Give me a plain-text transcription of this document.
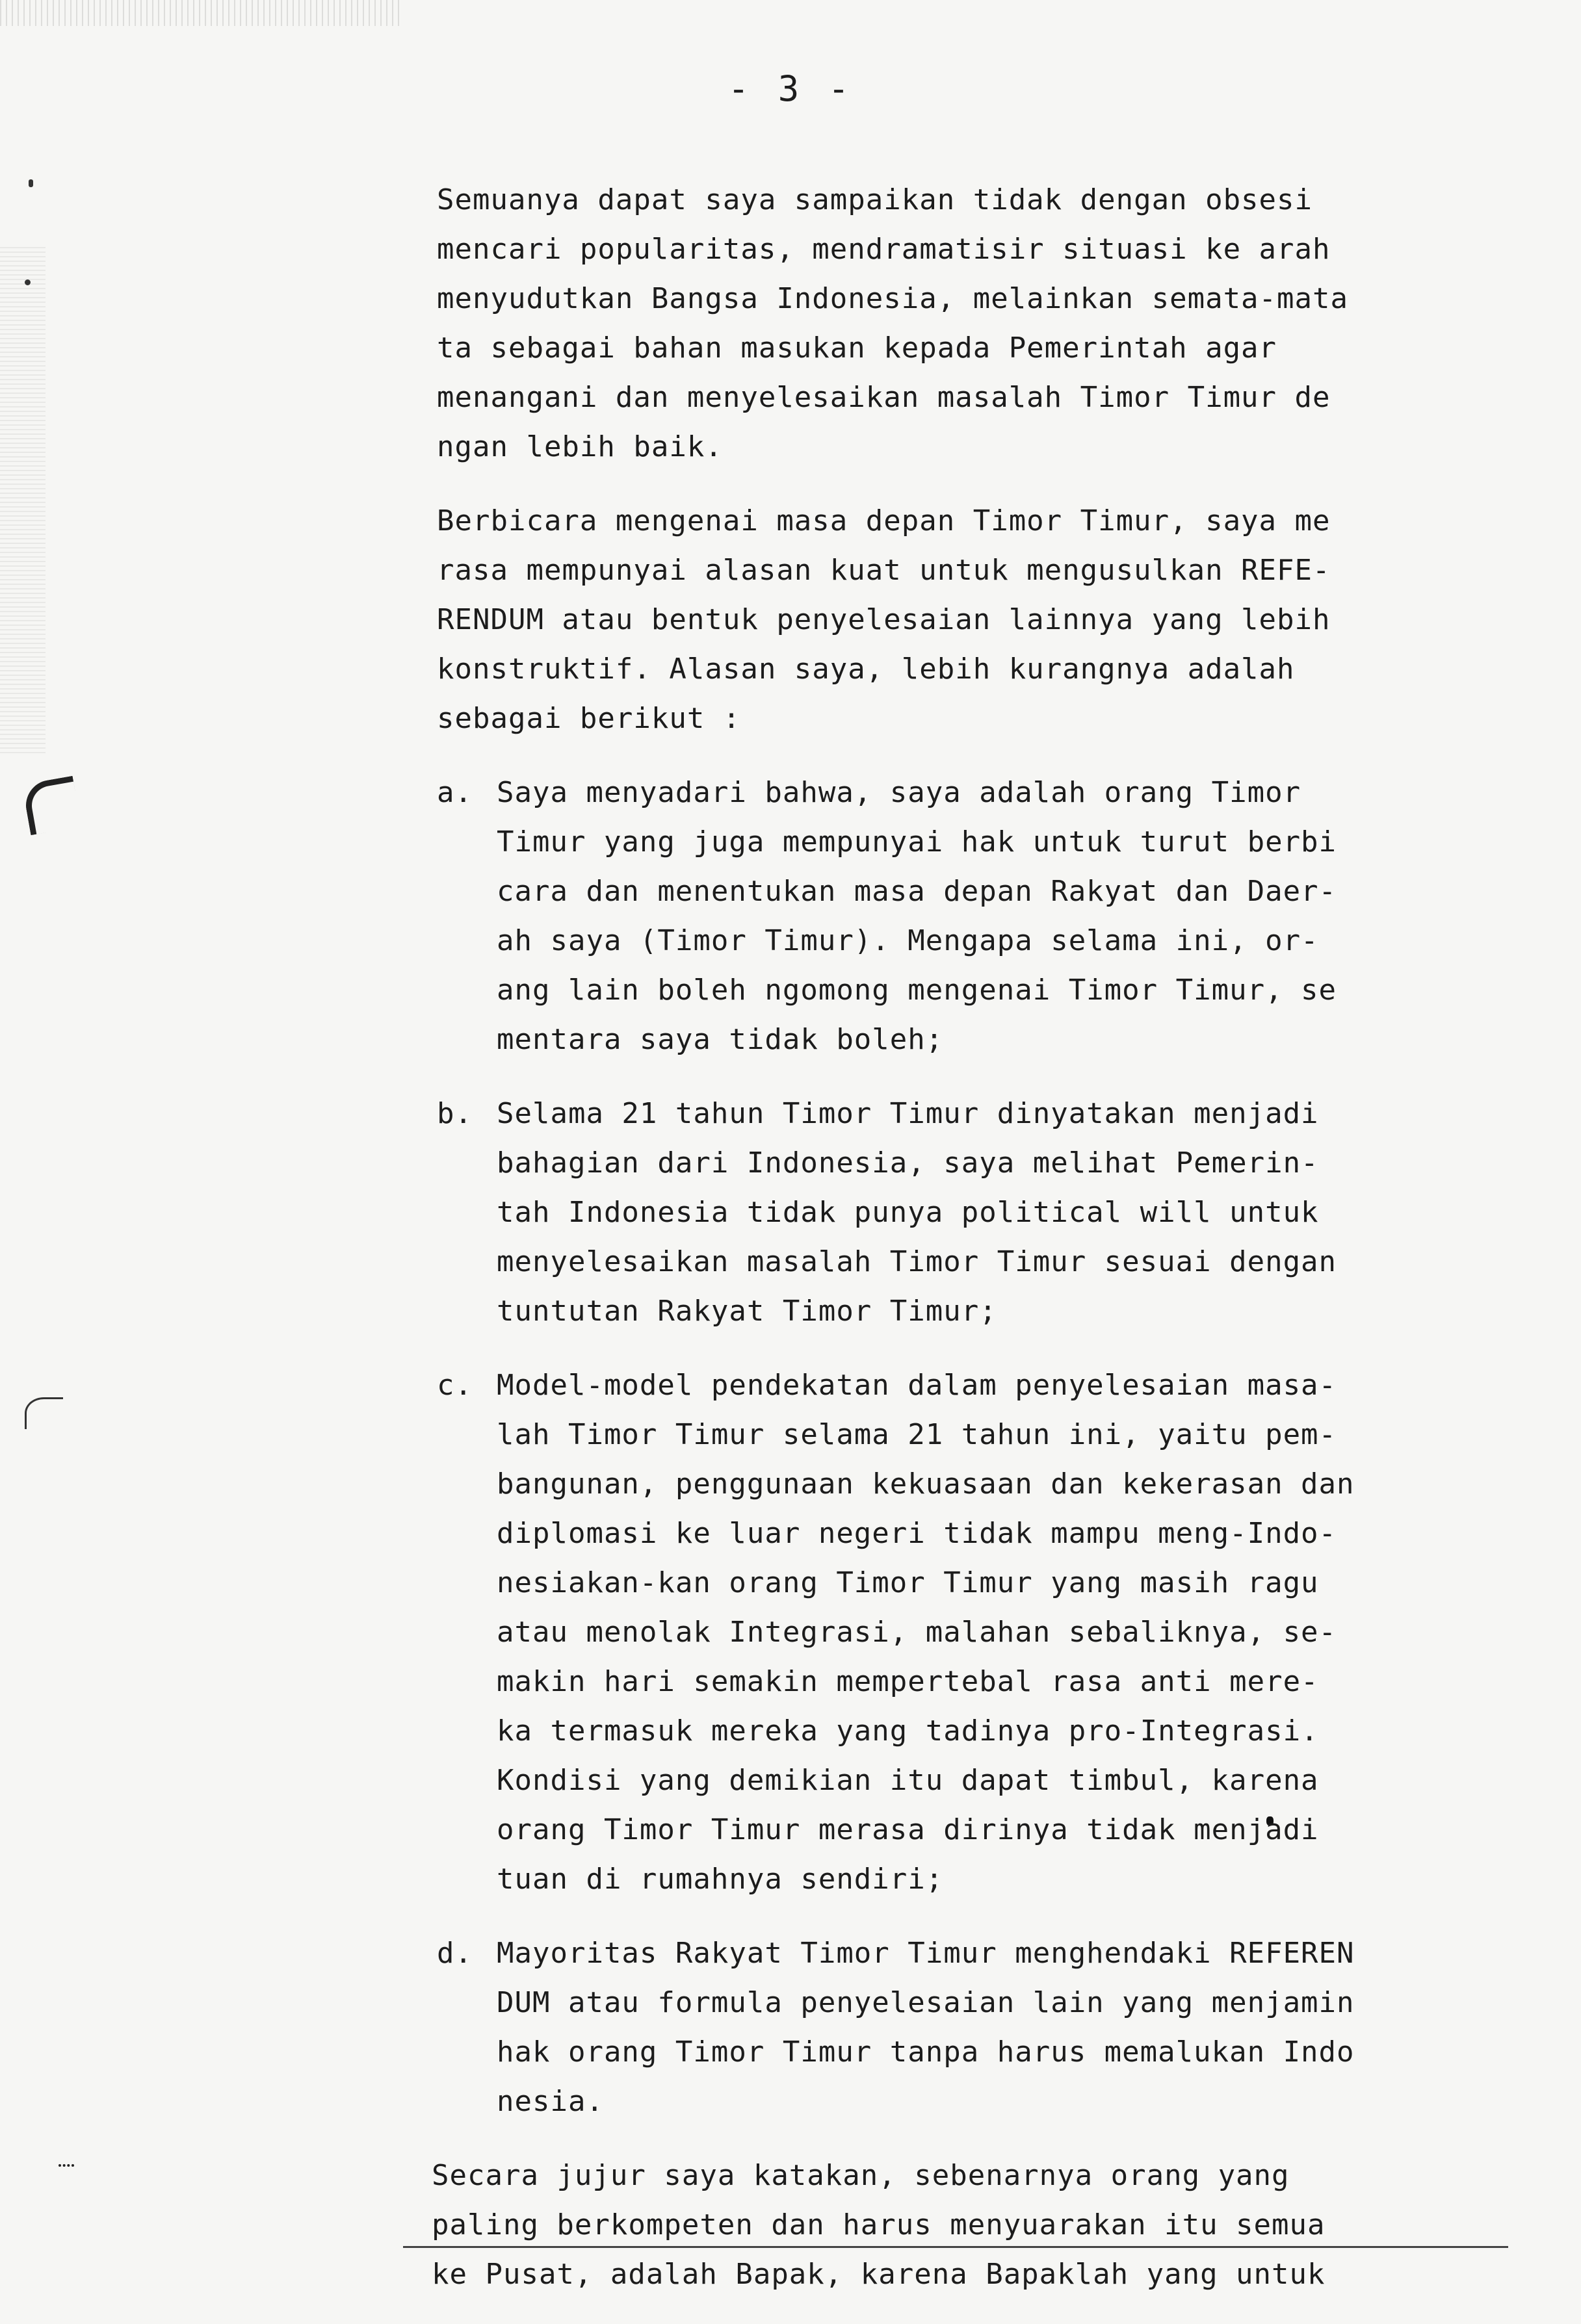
- 3 -
Semuanya dapat saya sampaikan tidak dengan obsesi
mencari popularitas, mendramatisir situasi ke arah
menyudutkan Bangsa Indonesia, melainkan semata-mata
ta sebagai bahan masukan kepada Pemerintah agar
menangani dan menyelesaikan masalah Timor Timur de
ngan lebih baik.
Berbicara mengenai masa depan Timor Timur, saya me
rasa mempunyai alasan kuat untuk mengusulkan REFE-
RENDUM atau bentuk penyelesaian lainnya yang lebih
konstruktif. Alasan saya, lebih kurangnya adalah
sebagai berikut :
a. Saya menyadari bahwa, saya adalah orang Timor
Timur yang juga mempunyai hak untuk turut berbi
cara dan menentukan masa depan Rakyat dan Daer-
ah saya (Timor Timur). Mengapa selama ini, or-
ang lain boleh ngomong mengenai Timor Timur, se
mentara saya tidak boleh;
b. Selama 21 tahun Timor Timur dinyatakan menjadi
bahagian dari Indonesia, saya melihat Pemerin-
tah Indonesia tidak punya political will untuk
menyelesaikan masalah Timor Timur sesuai dengan
tuntutan Rakyat Timor Timur;
c. Model-model pendekatan dalam penyelesaian masa-
lah Timor Timur selama 21 tahun ini, yaitu pem-
bangunan, penggunaan kekuasaan dan kekerasan dan
diplomasi ke luar negeri tidak mampu meng-Indo-
nesiakan-kan orang Timor Timur yang masih ragu
atau menolak Integrasi, malahan sebaliknya, se-
makin hari semakin mempertebal rasa anti mere-
ka termasuk mereka yang tadinya pro-Integrasi.
Kondisi yang demikian itu dapat timbul, karena
orang Timor Timur merasa dirinya tidak menjadi
tuan di rumahnya sendiri;
d. Mayoritas Rakyat Timor Timur menghendaki REFEREN
DUM atau formula penyelesaian lain yang menjamin
hak orang Timor Timur tanpa harus memalukan Indo
nesia.
Secara jujur saya katakan, sebenarnya orang yang
paling berkompeten dan harus menyuarakan itu semua
ke Pusat, adalah Bapak, karena Bapaklah yang untuk
